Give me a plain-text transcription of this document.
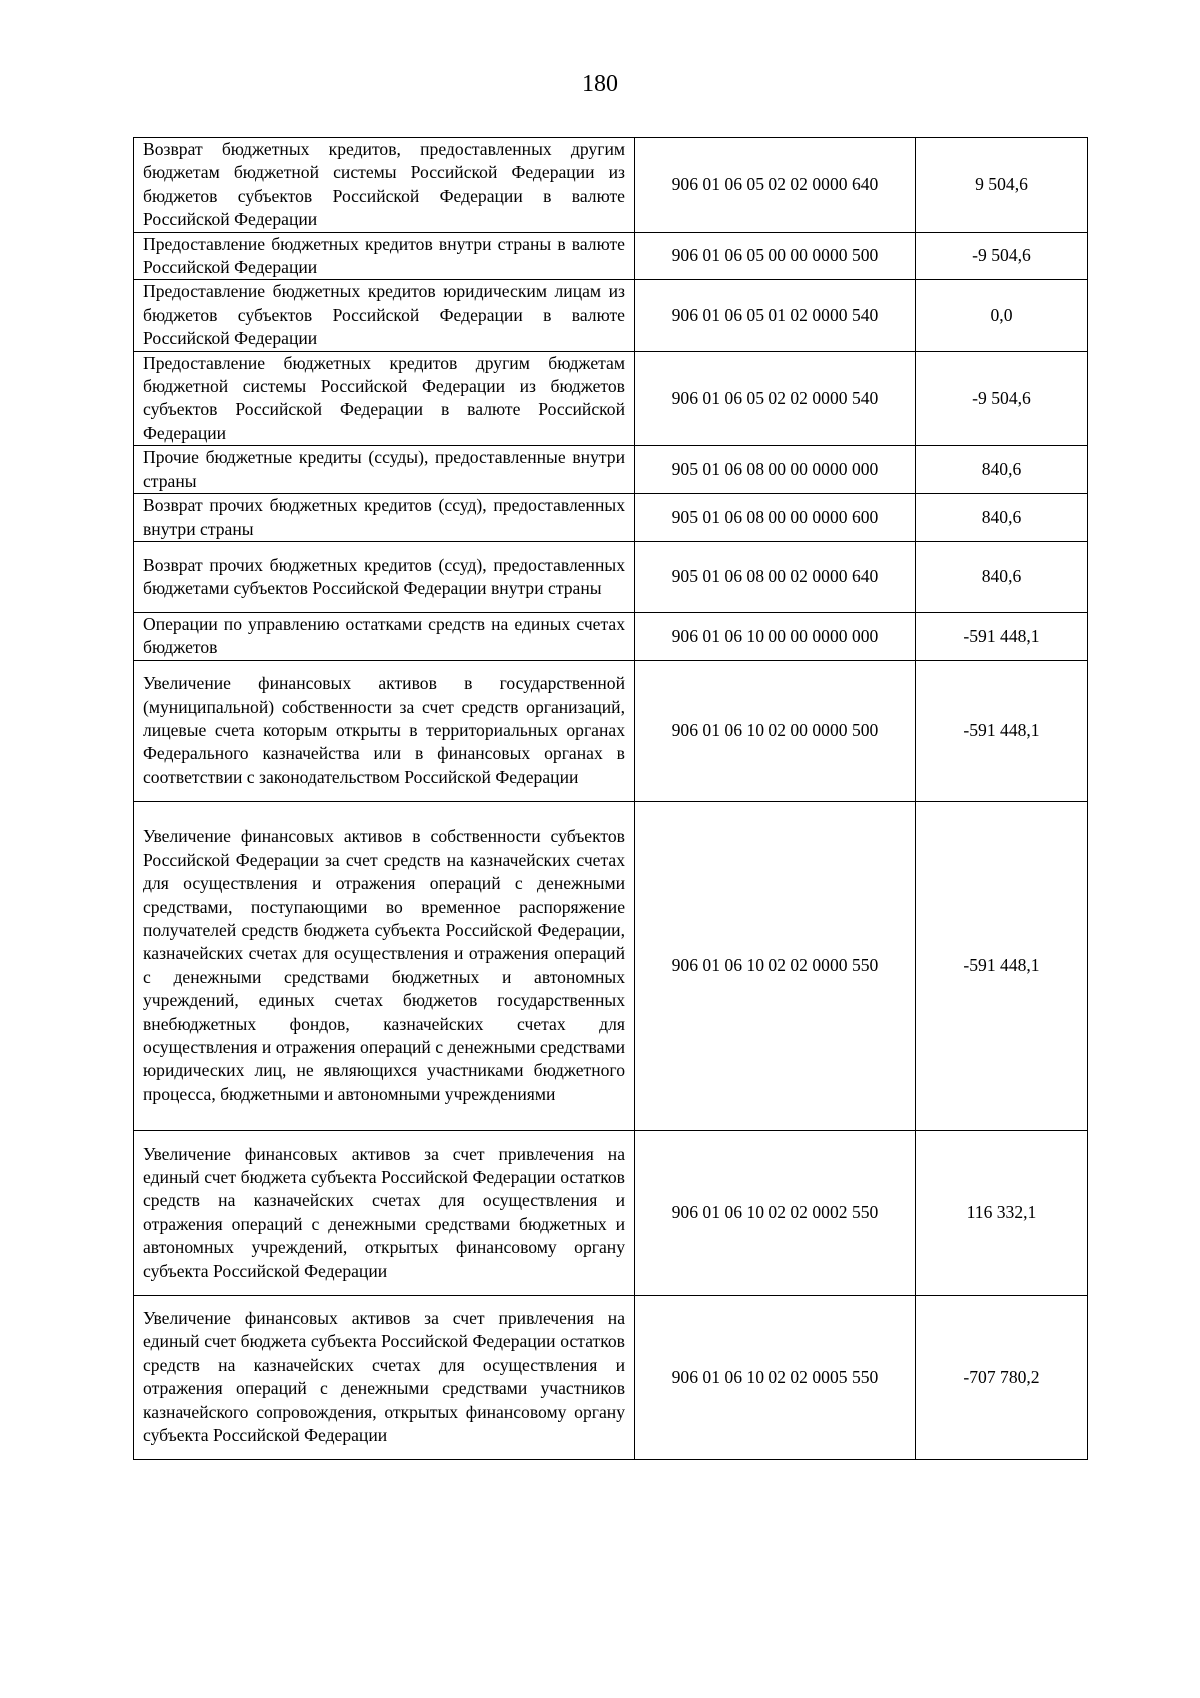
180
Возврат бюджетных кредитов, предоставленных другим бюджетам бюджетной системы Российской Федерации из бюджетов субъектов Российской Федерации в валюте Российской Федерации	906 01 06 05 02 02 0000 640	9 504,6
Предоставление бюджетных кредитов внутри страны в валюте Российской Федерации	906 01 06 05 00 00 0000 500	-9 504,6
Предоставление бюджетных кредитов юридическим лицам из бюджетов субъектов Российской Федерации в валюте Российской Федерации	906 01 06 05 01 02 0000 540	0,0
Предоставление бюджетных кредитов другим бюджетам бюджетной системы Российской Федерации из бюджетов субъектов Российской Федерации в валюте Российской Федерации	906 01 06 05 02 02 0000 540	-9 504,6
Прочие бюджетные кредиты (ссуды), предоставленные внутри страны	905 01 06 08 00 00 0000 000	840,6
Возврат прочих бюджетных кредитов (ссуд), предоставленных внутри страны	905 01 06 08 00 00 0000 600	840,6
Возврат прочих бюджетных кредитов (ссуд), предоставленных бюджетами субъектов Российской Федерации внутри страны	905 01 06 08 00 02 0000 640	840,6
Операции по управлению остатками средств на единых счетах бюджетов	906 01 06 10 00 00 0000 000	-591 448,1
Увеличение финансовых активов в государственной (муниципальной) собственности за счет средств организаций, лицевые счета которым открыты в территориальных органах Федерального казначейства или в финансовых органах в соответствии с законодательством Российской Федерации	906 01 06 10 02 00 0000 500	-591 448,1
Увеличение финансовых активов в собственности субъектов Российской Федерации за счет средств на казначейских счетах для осуществления и отражения операций с денежными средствами, поступающими во временное распоряжение получателей средств бюджета субъекта Российской Федерации, казначейских счетах для осуществления и отражения операций с денежными средствами бюджетных и автономных учреждений, единых счетах бюджетов государственных внебюджетных фондов, казначейских счетах для осуществления и отражения операций с денежными средствами юридических лиц, не являющихся участниками бюджетного процесса, бюджетными и автономными учреждениями	906 01 06 10 02 02 0000 550	-591 448,1
Увеличение финансовых активов за счет привлечения на единый счет бюджета субъекта Российской Федерации остатков средств на казначейских счетах для осуществления и отражения операций с денежными средствами бюджетных и автономных учреждений, открытых финансовому органу субъекта Российской Федерации	906 01 06 10 02 02 0002 550	116 332,1
Увеличение финансовых активов за счет привлечения на единый счет бюджета субъекта Российской Федерации остатков средств на казначейских счетах для осуществления и отражения операций с денежными средствами участников казначейского сопровождения, открытых финансовому органу субъекта Российской Федерации	906 01 06 10 02 02 0005 550	-707 780,2
